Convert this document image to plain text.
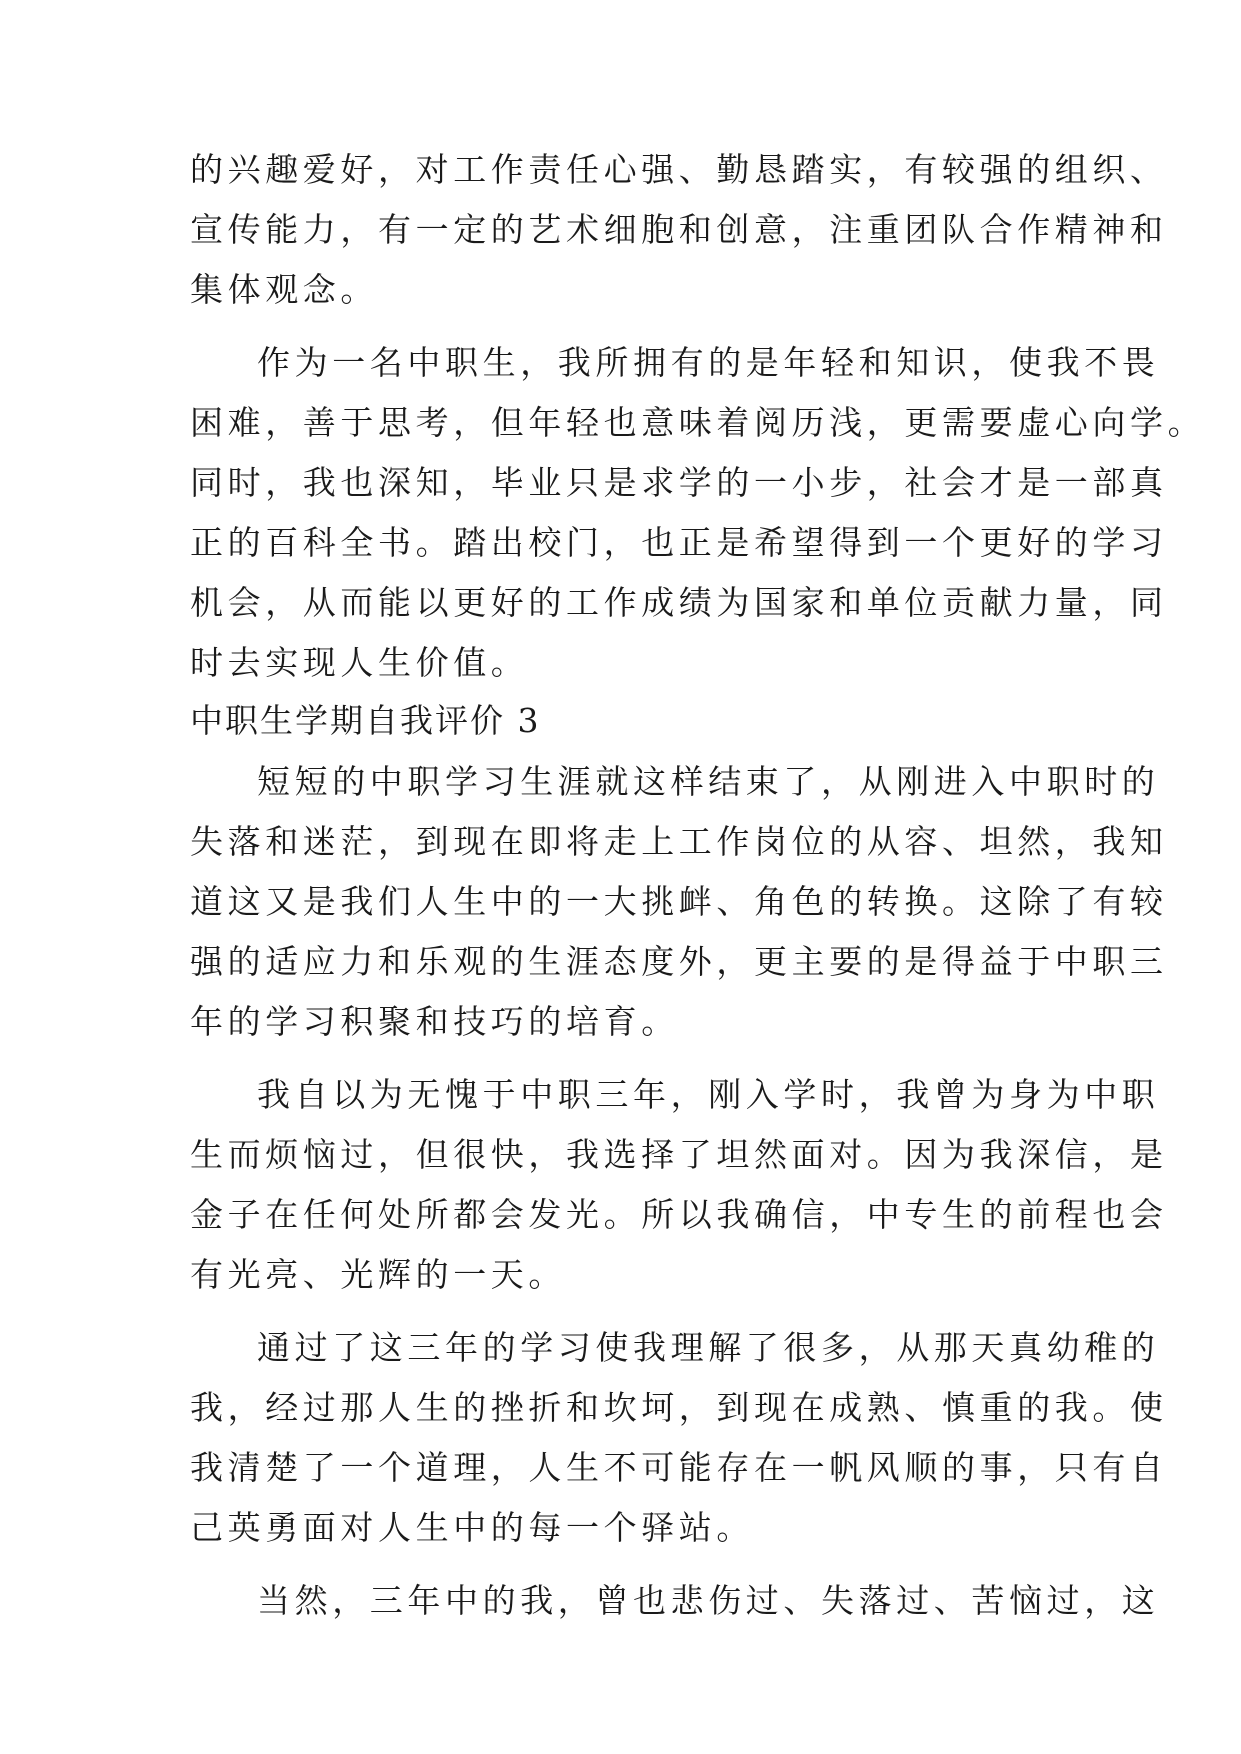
的兴趣爱好，对工作责任心强、勤恳踏实，有较强的组织、
宣传能力，有一定的艺术细胞和创意，注重团队合作精神和
集体观念。
作为一名中职生，我所拥有的是年轻和知识，使我不畏
困难，善于思考，但年轻也意味着阅历浅，更需要虚心向学。
同时，我也深知，毕业只是求学的一小步，社会才是一部真
正的百科全书。踏出校门，也正是希望得到一个更好的学习
机会，从而能以更好的工作成绩为国家和单位贡献力量，同
时去实现人生价值。
中职生学期自我评价 3
短短的中职学习生涯就这样结束了，从刚进入中职时的
失落和迷茫，到现在即将走上工作岗位的从容、坦然，我知
道这又是我们人生中的一大挑衅、角色的转换。这除了有较
强的适应力和乐观的生涯态度外，更主要的是得益于中职三
年的学习积聚和技巧的培育。
我自以为无愧于中职三年，刚入学时，我曾为身为中职
生而烦恼过，但很快，我选择了坦然面对。因为我深信，是
金子在任何处所都会发光。所以我确信，中专生的前程也会
有光亮、光辉的一天。
通过了这三年的学习使我理解了很多，从那天真幼稚的
我，经过那人生的挫折和坎坷，到现在成熟、慎重的我。使
我清楚了一个道理，人生不可能存在一帆风顺的事，只有自
己英勇面对人生中的每一个驿站。
当然，三年中的我，曾也悲伤过、失落过、苦恼过，这
